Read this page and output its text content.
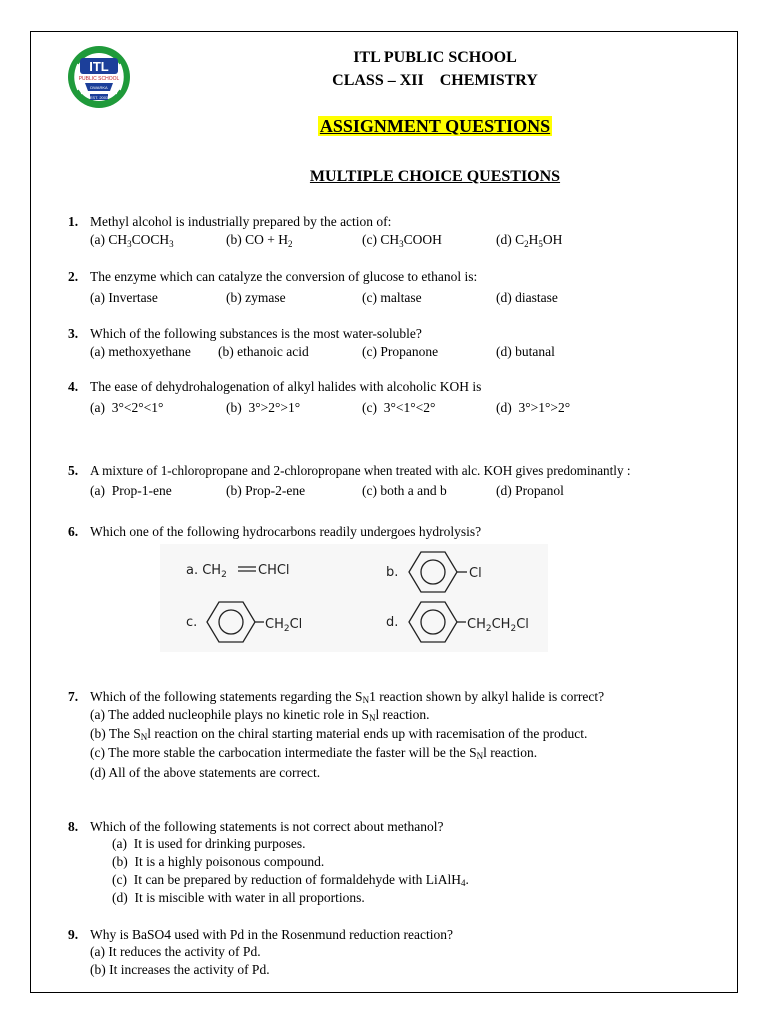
ITL
PUBLIC SCHOOL
DWARKA
EST. 2003
ITL PUBLIC SCHOOL
CLASS – XII    CHEMISTRY
ASSIGNMENT QUESTIONS
MULTIPLE CHOICE QUESTIONS
1. Methyl alcohol is industrially prepared by the action of:
(a) $CH_3COCH_3$	(b) CO + $H_2$	(c) $CH_3COOH$	(d) $C_2H_5OH$
2. The enzyme which can catalyze the conversion of glucose to ethanol is:
(a) Invertase	(b) zymase	(c) maltase	(d) diastase
3. Which of the following substances is the most water-soluble?
(a) methoxyethane (b) ethanoic acid	(c) Propanone	(d) butanal
4. The ease of dehydrohalogenation of alkyl halides with alcoholic KOH is
(a)  3°<2°<1°	(b)  3°>2°>1°	(c)  3°<1°<2°	(d)  3°>1°>2°
5. A mixture of 1-chloropropane and 2-chloropropane when treated with alc. KOH gives predominantly :
(a)  Prop-1-ene	(b) Prop-2-ene	(c) both a and b	(d) Propanol
6. Which one of the following hydrocarbons readily undergoes hydrolysis?
a. $CH_2$ CHCl	b.	Cl
c.	$CH_2Cl$	d.	$CH_2CH_2Cl$
7. Which of the following statements regarding the SN1 reaction shown by alkyl halide is correct?
(a) The added nucleophile plays no kinetic role in SNl reaction.
(b) The SNl reaction on the chiral starting material ends up with racemisation of the product.
(c) The more stable the carbocation intermediate the faster will be the SNl reaction.
(d) All of the above statements are correct.
8. Which of the following statements is not correct about methanol?
(a)  It is used for drinking purposes.
(b)  It is a highly poisonous compound.
(c)  It can be prepared by reduction of formaldehyde with LiAlH4.
(d)  It is miscible with water in all proportions.
9. Why is BaSO4 used with Pd in the Rosenmund reduction reaction?
(a) It reduces the activity of Pd.
(b) It increases the activity of Pd.
